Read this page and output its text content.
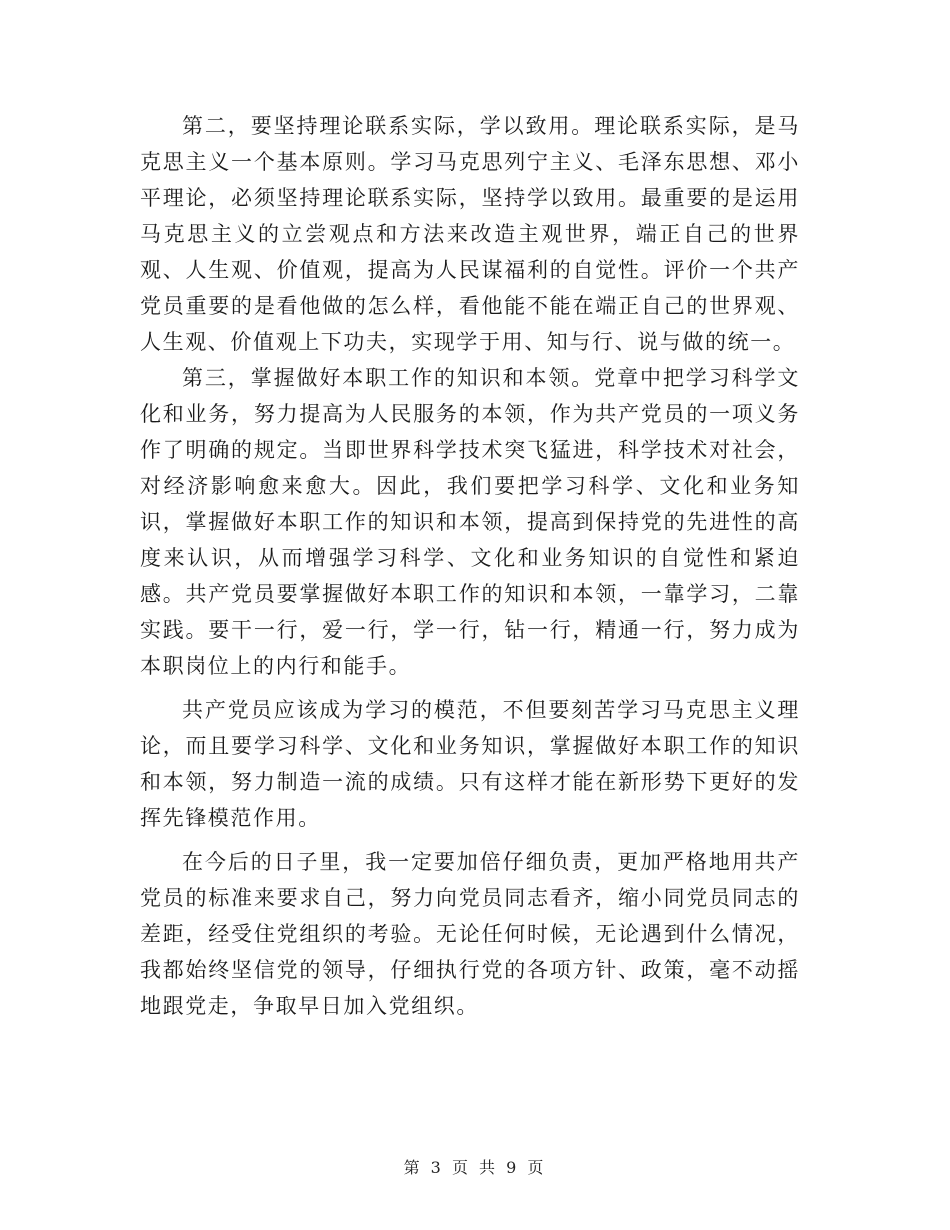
第二，要坚持理论联系实际，学以致用。理论联系实际，是马克思主义一个基本原则。学习马克思列宁主义、毛泽东思想、邓小平理论，必须坚持理论联系实际，坚持学以致用。最重要的是运用马克思主义的立尝观点和方法来改造主观世界，端正自己的世界观、人生观、价值观，提高为人民谋福利的自觉性。评价一个共产党员重要的是看他做的怎么样，看他能不能在端正自己的世界观、人生观、价值观上下功夫，实现学于用、知与行、说与做的统一。

第三，掌握做好本职工作的知识和本领。党章中把学习科学文化和业务，努力提高为人民服务的本领，作为共产党员的一项义务作了明确的规定。当即世界科学技术突飞猛进，科学技术对社会，对经济影响愈来愈大。因此，我们要把学习科学、文化和业务知识，掌握做好本职工作的知识和本领，提高到保持党的先进性的高度来认识，从而增强学习科学、文化和业务知识的自觉性和紧迫感。共产党员要掌握做好本职工作的知识和本领，一靠学习，二靠实践。要干一行，爱一行，学一行，钻一行，精通一行，努力成为本职岗位上的内行和能手。

共产党员应该成为学习的模范，不但要刻苦学习马克思主义理论，而且要学习科学、文化和业务知识，掌握做好本职工作的知识和本领，努力制造一流的成绩。只有这样才能在新形势下更好的发挥先锋模范作用。

在今后的日子里，我一定要加倍仔细负责，更加严格地用共产党员的标准来要求自己，努力向党员同志看齐，缩小同党员同志的差距，经受住党组织的考验。无论任何时候，无论遇到什么情况，我都始终坚信党的领导，仔细执行党的各项方针、政策，毫不动摇地跟党走，争取早日加入党组织。

第 3 页 共 9 页
